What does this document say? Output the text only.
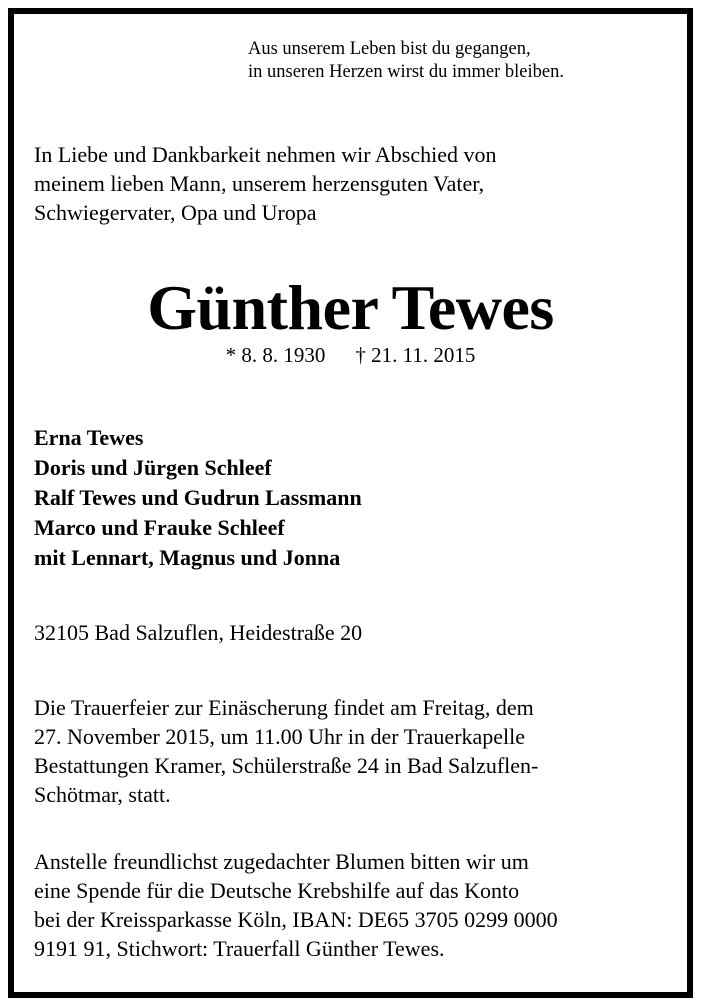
Aus unserem Leben bist du gegangen,
in unseren Herzen wirst du immer bleiben.
In Liebe und Dankbarkeit nehmen wir Abschied von
meinem lieben Mann, unserem herzensguten Vater,
Schwiegervater, Opa und Uropa
Günther Tewes
* 8. 8. 1930 † 21. 11. 2015
Erna Tewes
Doris und Jürgen Schleef
Ralf Tewes und Gudrun Lassmann
Marco und Frauke Schleef
mit Lennart, Magnus und Jonna
32105 Bad Salzuflen, Heidestraße 20
Die Trauerfeier zur Einäscherung findet am Freitag, dem
27. November 2015, um 11.00 Uhr in der Trauerkapelle
Bestattungen Kramer, Schülerstraße 24 in Bad Salzuflen-
Schötmar, statt.
Anstelle freundlichst zugedachter Blumen bitten wir um
eine Spende für die Deutsche Krebshilfe auf das Konto
bei der Kreissparkasse Köln, IBAN: DE65 3705 0299 0000
9191 91, Stichwort: Trauerfall Günther Tewes.
